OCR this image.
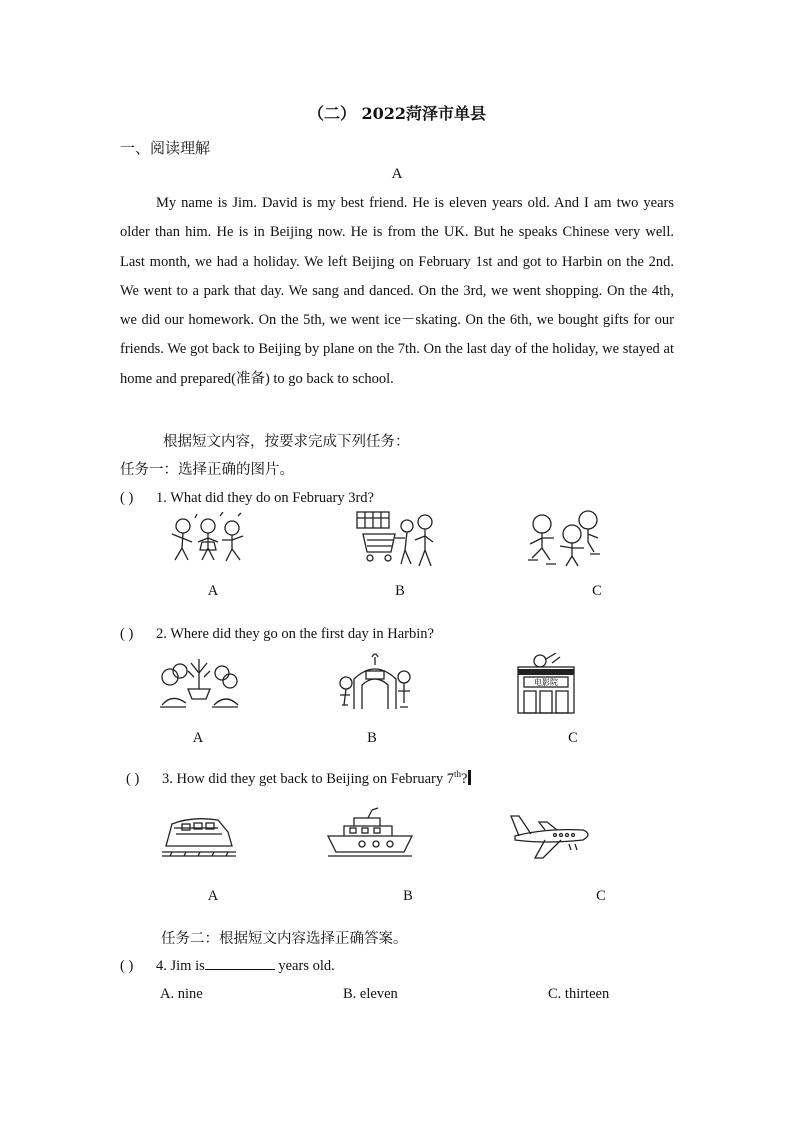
（二） 2022菏泽市单县
一、阅读理解
A

My name is Jim. David is my best friend. He is eleven years old. And I am two years older than him. He is in Beijing now. He is from the UK. But he speaks Chinese very well. Last month, we had a holiday. We left Beijing on February 1st and got to Harbin on the 2nd. We went to a park that day. We sang and danced. On the 3rd, we went shopping. On the 4th, we did our homework. On the 5th, we went ice－skating. On the 6th, we bought gifts for our friends. We got back to Beijing by plane on the 7th. On the last day of the holiday, we stayed at home and prepared(准备) to go back to school.

根据短文内容，按要求完成下列任务：
任务一：选择正确的图片。
( ) 1. What did they do on February 3rd?
A	B	C
( ) 2. Where did they go on the first day in Harbin?
电影院
A	B	C
( ) 3. How did they get back to Beijing on February 7th?
A	B	C
任务二：根据短文内容选择正确答案。
( ) 4. Jim is	years old.
A. nine	B. eleven	C. thirteen
